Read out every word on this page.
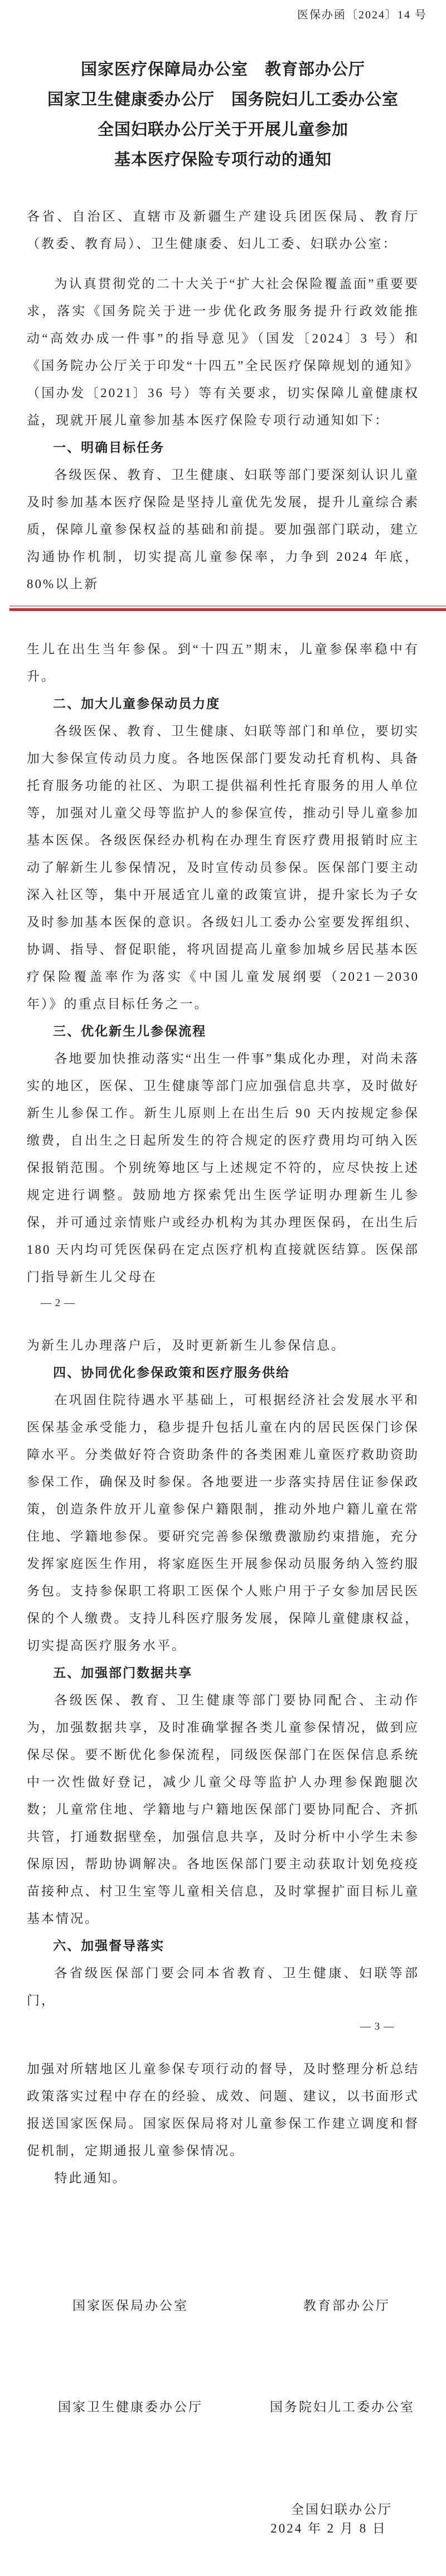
医保办函〔2024〕14 号
国家医疗保障局办公室　教育部办公厅
国家卫生健康委办公厅　国务院妇儿工委办公室
全国妇联办公厅关于开展儿童参加
基本医疗保险专项行动的通知

各省、自治区、直辖市及新疆生产建设兵团医保局、教育厅（教委、教育局）、卫生健康委、妇儿工委、妇联办公室：

为认真贯彻党的二十大关于“扩大社会保险覆盖面”重要要求，落实《国务院关于进一步优化政务服务提升行政效能推动“高效办成一件事”的指导意见》（国发〔2024〕3 号）和《国务院办公厅关于印发“十四五”全民医疗保障规划的通知》（国办发〔2021〕36 号）等有关要求，切实保障儿童健康权益，现就开展儿童参加基本医疗保险专项行动通知如下：

一、明确目标任务

各级医保、教育、卫生健康、妇联等部门要深刻认识儿童及时参加基本医疗保险是坚持儿童优先发展，提升儿童综合素质，保障儿童参保权益的基础和前提。要加强部门联动，建立沟通协作机制，切实提高儿童参保率，力争到 2024 年底，80%以上新

生儿在出生当年参保。到“十四五”期末，儿童参保率稳中有升。

二、加大儿童参保动员力度

各级医保、教育、卫生健康、妇联等部门和单位，要切实加大参保宣传动员力度。各地医保部门要发动托育机构、具备托育服务功能的社区、为职工提供福利性托育服务的用人单位等，加强对儿童父母等监护人的参保宣传，推动引导儿童参加基本医保。各级医保经办机构在办理生育医疗费用报销时应主动了解新生儿参保情况，及时宣传动员参保。医保部门要主动深入社区等，集中开展适宜儿童的政策宣讲，提升家长为子女及时参加基本医保的意识。各级妇儿工委办公室要发挥组织、协调、指导、督促职能，将巩固提高儿童参加城乡居民基本医疗保险覆盖率作为落实《中国儿童发展纲要（2021－2030 年）》的重点目标任务之一。

三、优化新生儿参保流程

各地要加快推动落实“出生一件事”集成化办理，对尚未落实的地区，医保、卫生健康等部门应加强信息共享，及时做好新生儿参保工作。新生儿原则上在出生后 90 天内按规定参保缴费，自出生之日起所发生的符合规定的医疗费用均可纳入医保报销范围。个别统筹地区与上述规定不符的，应尽快按上述规定进行调整。鼓励地方探索凭出生医学证明办理新生儿参保，并可通过亲情账户或经办机构为其办理医保码，在出生后 180 天内均可凭医保码在定点医疗机构直接就医结算。医保部门指导新生儿父母在

— 2 —

为新生儿办理落户后，及时更新新生儿参保信息。

四、协同优化参保政策和医疗服务供给

在巩固住院待遇水平基础上，可根据经济社会发展水平和医保基金承受能力，稳步提升包括儿童在内的居民医保门诊保障水平。分类做好符合资助条件的各类困难儿童医疗救助资助参保工作，确保及时参保。各地要进一步落实持居住证参保政策，创造条件放开儿童参保户籍限制，推动外地户籍儿童在常住地、学籍地参保。要研究完善参保缴费激励约束措施，充分发挥家庭医生作用，将家庭医生开展参保动员服务纳入签约服务包。支持参保职工将职工医保个人账户用于子女参加居民医保的个人缴费。支持儿科医疗服务发展，保障儿童健康权益，切实提高医疗服务水平。

五、加强部门数据共享

各级医保、教育、卫生健康等部门要协同配合、主动作为，加强数据共享，及时准确掌握各类儿童参保情况，做到应保尽保。要不断优化参保流程，同级医保部门在医保信息系统中一次性做好登记，减少儿童父母等监护人办理参保跑腿次数；儿童常住地、学籍地与户籍地医保部门要协同配合、齐抓共管，打通数据壁垒，加强信息共享，及时分析中小学生未参保原因，帮助协调解决。各地医保部门要主动获取计划免疫疫苗接种点、村卫生室等儿童相关信息，及时掌握扩面目标儿童基本情况。

六、加强督导落实

各省级医保部门要会同本省教育、卫生健康、妇联等部门，

— 3 —

加强对所辖地区儿童参保专项行动的督导，及时整理分析总结政策落实过程中存在的经验、成效、问题、建议，以书面形式报送国家医保局。国家医保局将对儿童参保工作建立调度和督促机制，定期通报儿童参保情况。

特此通知。

国家医保局办公室	教育部办公厅
国家卫生健康委办公厅	国务院妇儿工委办公室
全国妇联办公厅
2024 年 2 月 8 日
